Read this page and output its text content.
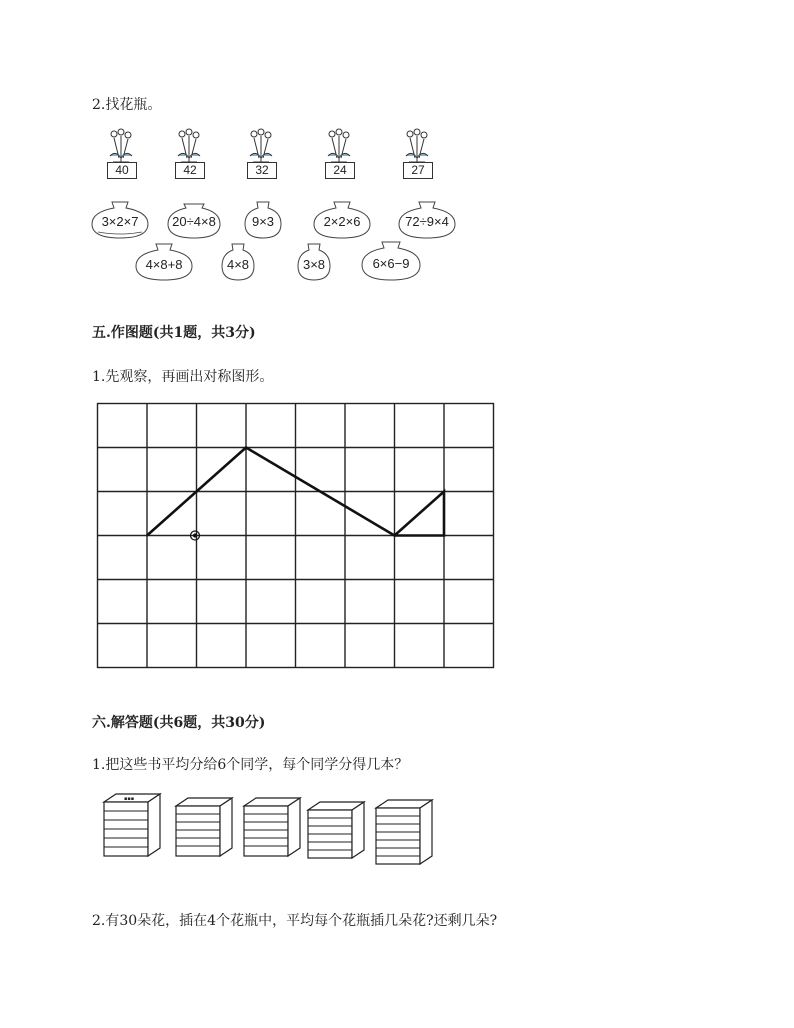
2.找花瓶。
40	42	32	24	27
3×2×7	20÷4×8	9×3	2×2×6	72÷9×4
4×8+8	4×8	3×8	6×6−9
五.作图题(共1题，共3分)
1.先观察，再画出对称图形。
六.解答题(共6题，共30分)
1.把这些书平均分给6个同学，每个同学分得几本？
▪▪▪
2.有30朵花，插在4个花瓶中，平均每个花瓶插几朵花?还剩几朵?
